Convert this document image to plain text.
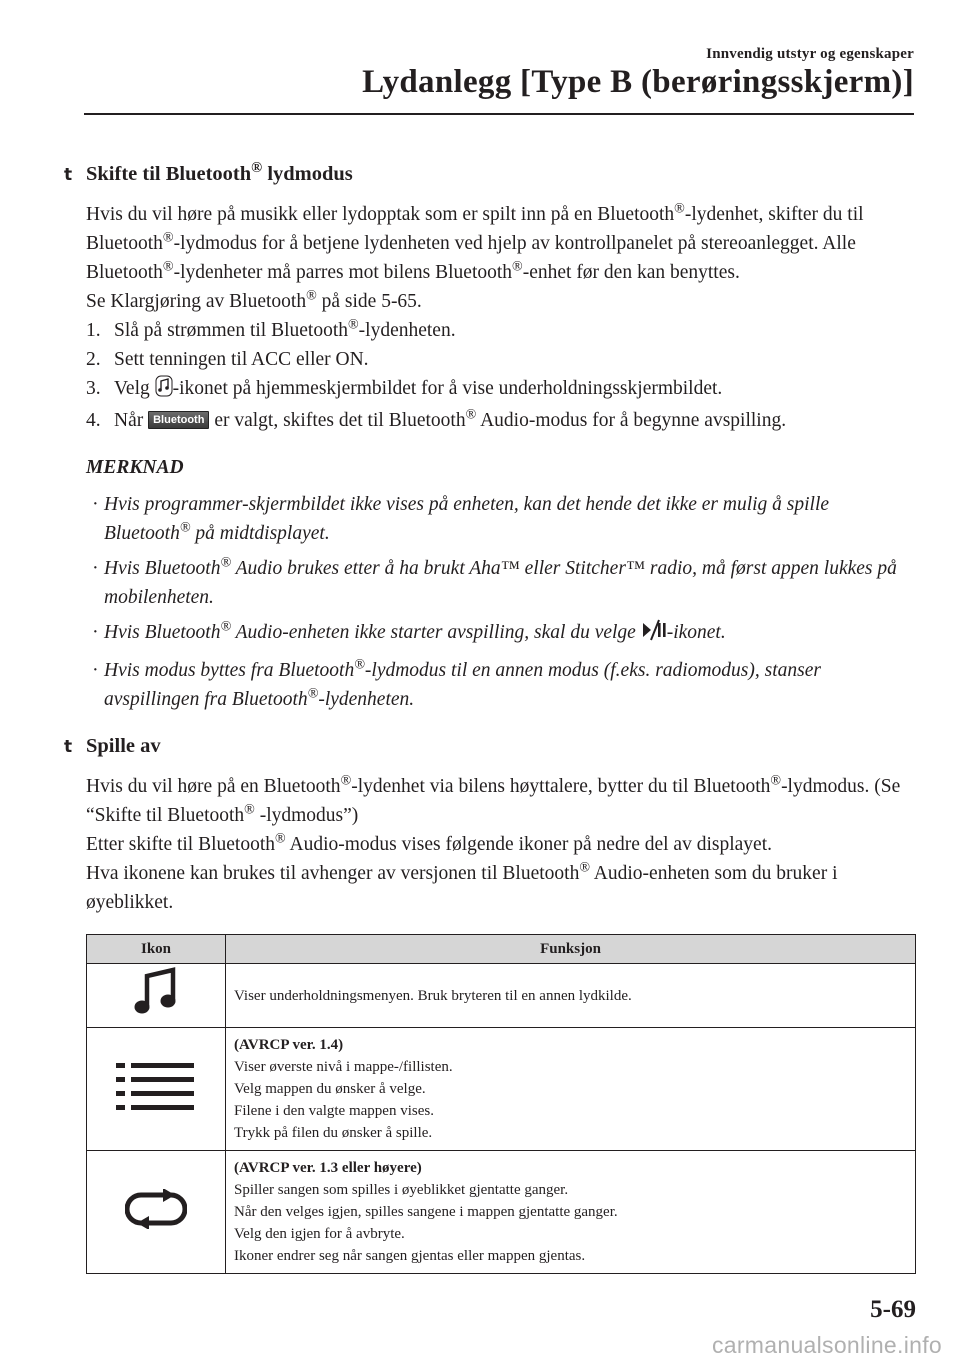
Innvendig utstyr og egenskaper
Lydanlegg [Type B (berøringsskjerm)]
t Skifte til Bluetooth® lydmodus

Hvis du vil høre på musikk eller lydopptak som er spilt inn på en Bluetooth®-lydenhet, skifter du til Bluetooth®-lydmodus for å betjene lydenheten ved hjelp av kontrollpanelet på stereoanlegget. Alle Bluetooth®-lydenheter må parres mot bilens Bluetooth®-enhet før den kan benyttes.

Se Klargjøring av Bluetooth® på side 5-65.

1. Slå på strømmen til Bluetooth®-lydenheten.
2. Sett tenningen til ACC eller ON.
3. Velg -ikonet på hjemmeskjermbildet for å vise underholdningsskjermbildet.
4. Når Bluetooth er valgt, skiftes det til Bluetooth® Audio-modus for å begynne avspilling.
MERKNAD
· Hvis programmer-skjermbildet ikke vises på enheten, kan det hende det ikke er mulig å spille Bluetooth® på midtdisplayet.
· Hvis Bluetooth® Audio brukes etter å ha brukt Aha™ eller Stitcher™ radio, må først appen lukkes på mobilenheten.
· Hvis Bluetooth® Audio-enheten ikke starter avspilling, skal du velge -ikonet.
· Hvis modus byttes fra Bluetooth®-lydmodus til en annen modus (f.eks. radiomodus), stanser avspillingen fra Bluetooth®-lydenheten.
t Spille av

Hvis du vil høre på en Bluetooth®-lydenhet via bilens høyttalere, bytter du til Bluetooth®-lydmodus. (Se “Skifte til Bluetooth® -lydmodus”)

Etter skifte til Bluetooth® Audio-modus vises følgende ikoner på nedre del av displayet.

Hva ikonene kan brukes til avhenger av versjonen til Bluetooth® Audio-enheten som du bruker i øyeblikket.

Ikon	Funksjon
	Viser underholdningsmenyen. Bruk bryteren til en annen lydkilde.

(AVRCP ver. 1.4)
Viser øverste nivå i mappe-/fillisten.
Velg mappen du ønsker å velge.
Filene i den valgte mappen vises.
Trykk på filen du ønsker å spille.

(AVRCP ver. 1.3 eller høyere)
Spiller sangen som spilles i øyeblikket gjentatte ganger.
Når den velges igjen, spilles sangene i mappen gjentatte ganger.
Velg den igjen for å avbryte.
Ikoner endrer seg når sangen gjentas eller mappen gjentas.
5-69
carmanualsonline.info
